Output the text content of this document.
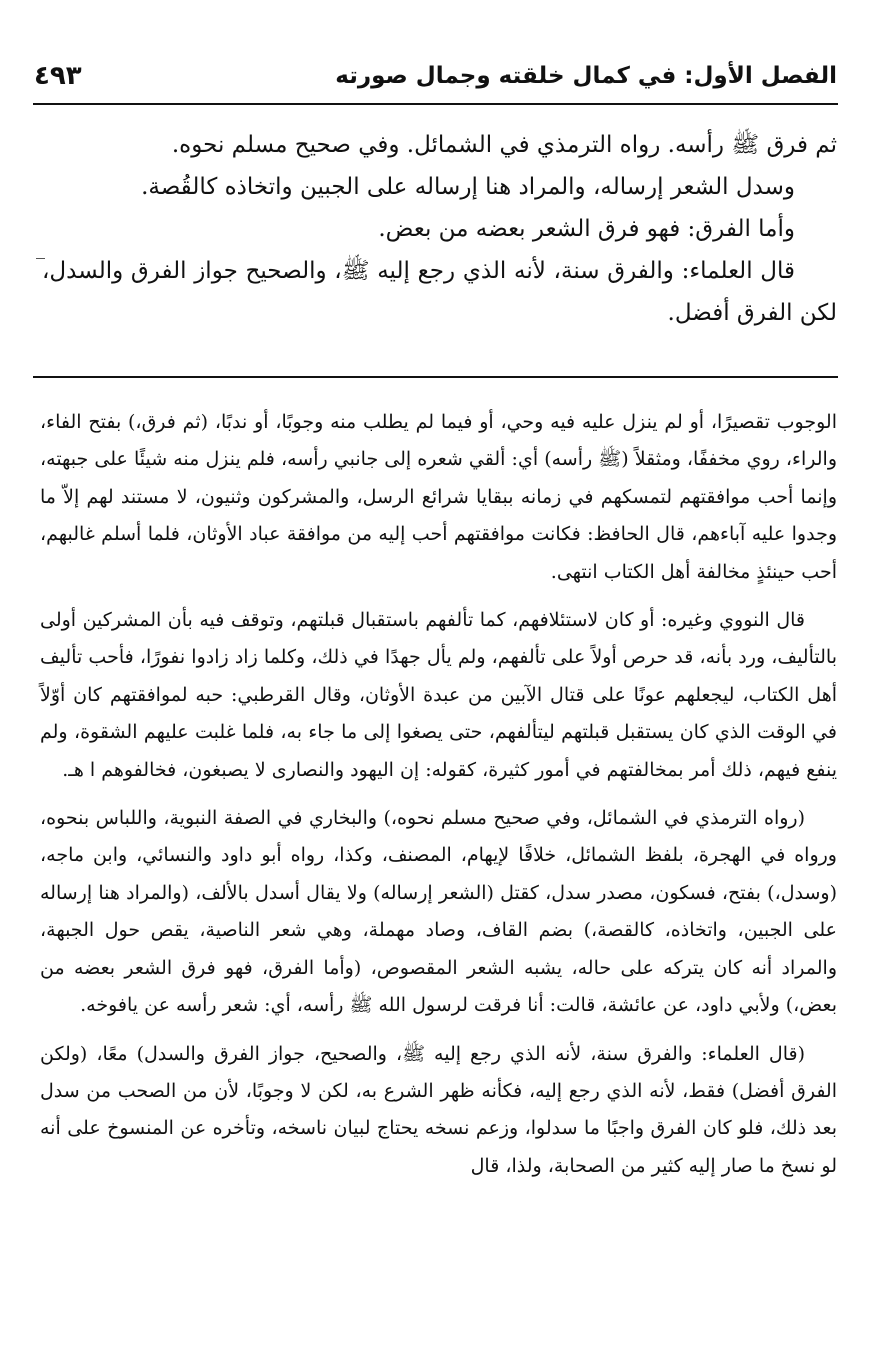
الفصل الأول: في كمال خلقته وجمال صورته
٤٩٣

ثم فرق ﷺ رأسه. رواه الترمذي في الشمائل. وفي صحيح مسلم نحوه.

وسدل الشعر إرساله، والمراد هنا إرساله على الجبين واتخاذه كالقُصة.

وأما الفرق: فهو فرق الشعر بعضه من بعض.

قال العلماء: والفرق سنة، لأنه الذي رجع إليه ﷺ، والصحيح جواز الفرق والسدل، لكن الفرق أفضل.

الوجوب تقصيرًا، أو لم ينزل عليه فيه وحي، أو فيما لم يطلب منه وجوبًا، أو ندبًا، (ثم فرق،) بفتح الفاء، والراء، روي مخففًا، ومثقلاً (ﷺ رأسه) أي: ألقي شعره إلى جانبي رأسه، فلم ينزل منه شيئًا على جبهته، وإنما أحب موافقتهم لتمسكهم في زمانه ببقايا شرائع الرسل، والمشركون وثنيون، لا مستند لهم إلاّ ما وجدوا عليه آباءهم، قال الحافظ: فكانت موافقتهم أحب إليه من موافقة عباد الأوثان، فلما أسلم غالبهم، أحب حينئذٍ مخالفة أهل الكتاب انتهى.

قال النووي وغيره: أو كان لاستئلافهم، كما تألفهم باستقبال قبلتهم، وتوقف فيه بأن المشركين أولى بالتأليف، ورد بأنه، قد حرص أولاً على تألفهم، ولم يأل جهدًا في ذلك، وكلما زاد زادوا نفورًا، فأحب تأليف أهل الكتاب، ليجعلهم عونًا على قتال الآبين من عبدة الأوثان، وقال القرطبي: حبه لموافقتهم كان أوّلاً في الوقت الذي كان يستقبل قبلتهم ليتألفهم، حتى يصغوا إلى ما جاء به، فلما غلبت عليهم الشقوة، ولم ينفع فيهم، ذلك أمر بمخالفتهم في أمور كثيرة، كقوله: إن اليهود والنصارى لا يصبغون، فخالفوهم ا هـ.

(رواه الترمذي في الشمائل، وفي صحيح مسلم نحوه،) والبخاري في الصفة النبوية، واللباس بنحوه، ورواه في الهجرة، بلفظ الشمائل، خلافًا لإيهام، المصنف، وكذا، رواه أبو داود والنسائي، وابن ماجه، (وسدل،) بفتح، فسكون، مصدر سدل، كقتل (الشعر إرساله) ولا يقال أسدل بالألف، (والمراد هنا إرساله على الجبين، واتخاذه، كالقصة،) بضم القاف، وصاد مهملة، وهي شعر الناصية، يقص حول الجبهة، والمراد أنه كان يتركه على حاله، يشبه الشعر المقصوص، (وأما الفرق، فهو فرق الشعر بعضه من بعض،) ولأبي داود، عن عائشة، قالت: أنا فرقت لرسول الله ﷺ رأسه، أي: شعر رأسه عن يافوخه.

(قال العلماء: والفرق سنة، لأنه الذي رجع إليه ﷺ، والصحيح، جواز الفرق والسدل) معًا، (ولكن الفرق أفضل) فقط، لأنه الذي رجع إليه، فكأنه ظهر الشرع به، لكن لا وجوبًا، لأن من الصحب من سدل بعد ذلك، فلو كان الفرق واجبًا ما سدلوا، وزعم نسخه يحتاج لبيان ناسخه، وتأخره عن المنسوخ على أنه لو نسخ ما صار إليه كثير من الصحابة، ولذا، قال
